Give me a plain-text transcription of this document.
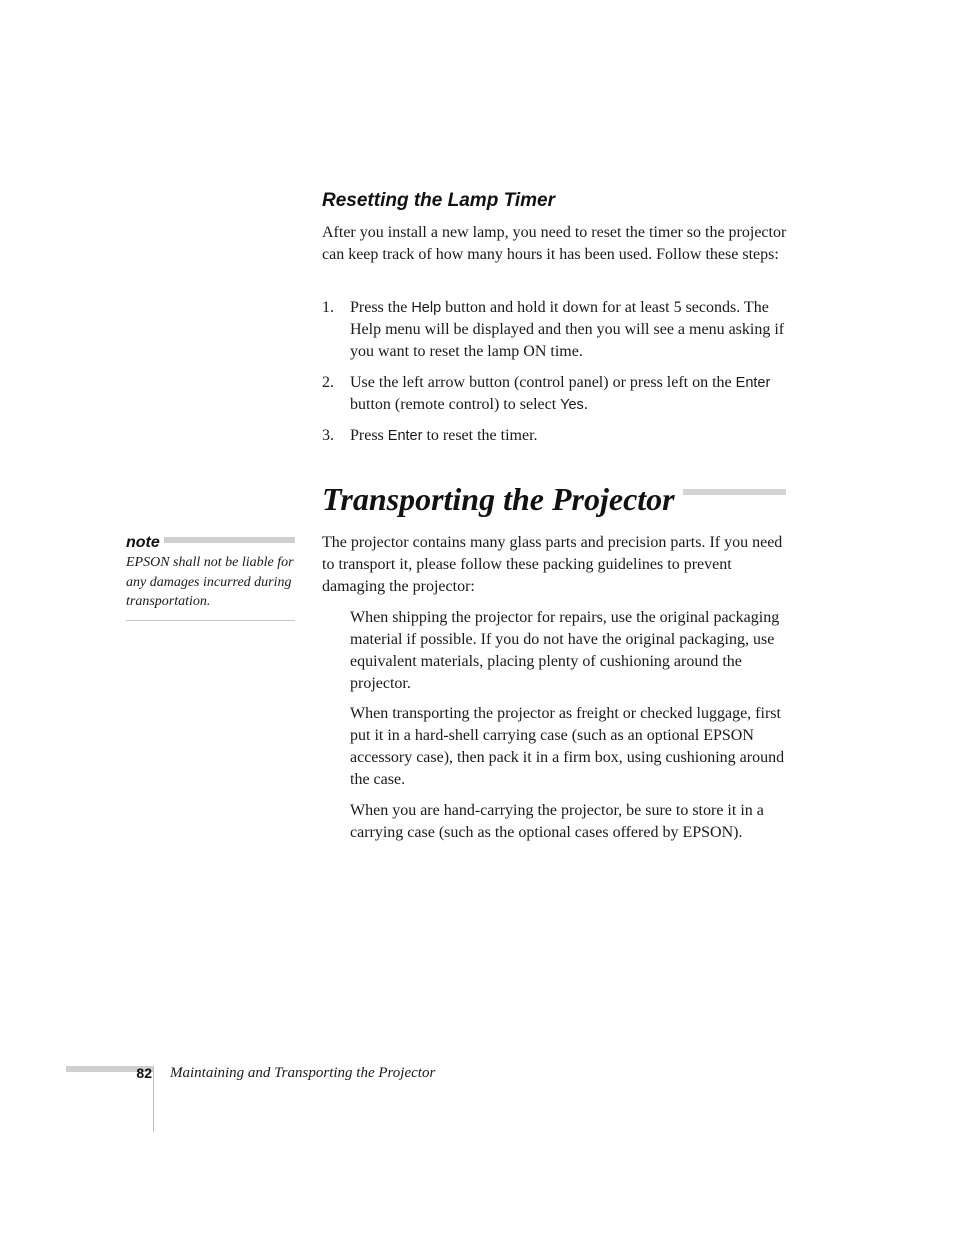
Resetting the Lamp Timer

After you install a new lamp, you need to reset the timer so the projector can keep track of how many hours it has been used. Follow these steps:

1.	Press the Help button and hold it down for at least 5 seconds. The Help menu will be displayed and then you will see a menu asking if you want to reset the lamp ON time.
2.	Use the left arrow button (control panel) or press left on the Enter button (remote control) to select Yes.
3.	Press Enter to reset the timer.
Transporting the Projector

note

EPSON shall not be liable for any damages incurred during transportation.

The projector contains many glass parts and precision parts. If you need to transport it, please follow these packing guidelines to prevent damaging the projector:

When shipping the projector for repairs, use the original packaging material if possible. If you do not have the original packaging, use equivalent materials, placing plenty of cushioning around the projector.

When transporting the projector as freight or checked luggage, first put it in a hard-shell carrying case (such as an optional EPSON accessory case), then pack it in a firm box, using cushioning around the case.

When you are hand-carrying the projector, be sure to store it in a carrying case (such as the optional cases offered by EPSON).

82 Maintaining and Transporting the Projector
